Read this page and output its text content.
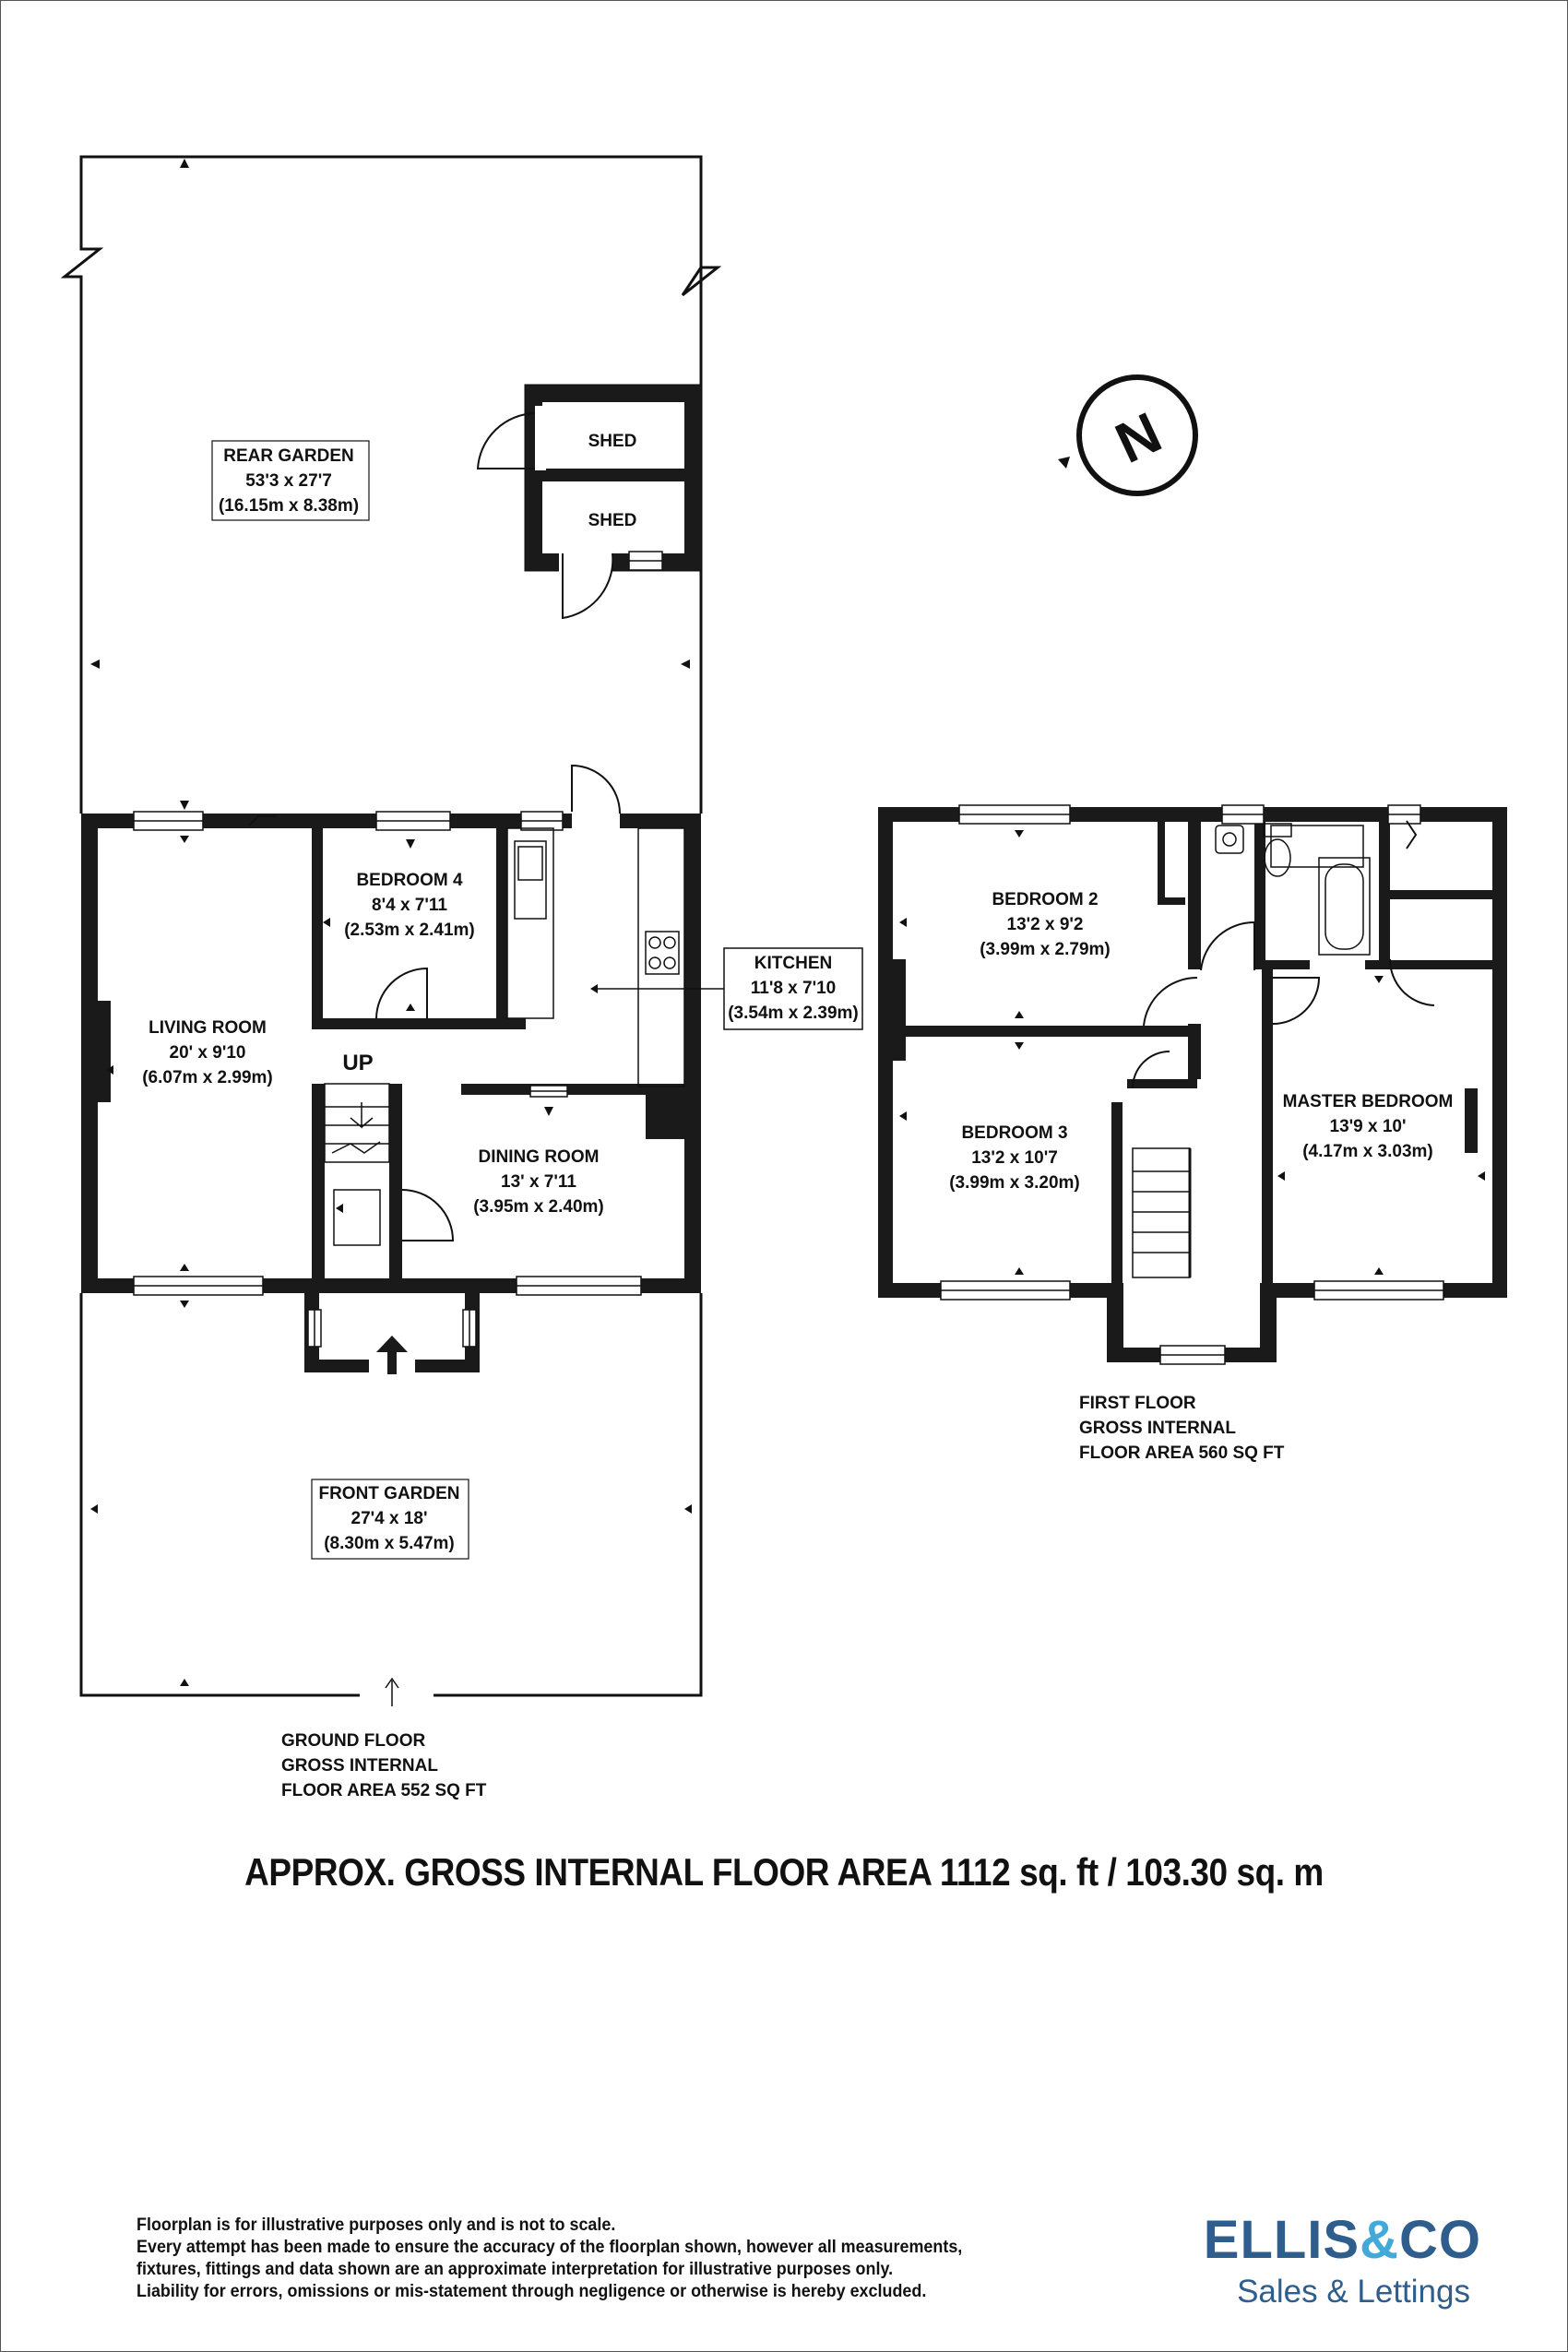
N
REAR GARDEN
53'3 x 27'7
(16.15m x 8.38m)
SHED
SHED
BEDROOM 4
8'4 x 7'11
(2.53m x 2.41m)
LIVING ROOM
20' x 9'10
(6.07m x 2.99m)
KITCHEN
11'8 x 7'10
(3.54m x 2.39m)
UP
DINING ROOM
13' x 7'11
(3.95m x 2.40m)
FRONT GARDEN
27'4 x 18'
(8.30m x 5.47m)
BEDROOM 2
13'2 x 9'2
(3.99m x 2.79m)
BEDROOM 3
13'2 x 10'7
(3.99m x 3.20m)
MASTER BEDROOM
13'9 x 10'
(4.17m x 3.03m)
GROUND FLOOR
GROSS INTERNAL
FLOOR AREA 552 SQ FT
FIRST FLOOR
GROSS INTERNAL
FLOOR AREA 560 SQ FT
APPROX. GROSS INTERNAL FLOOR AREA 1112 sq. ft / 103.30 sq. m
Floorplan is for illustrative purposes only and is not to scale.
Every attempt has been made to ensure the accuracy of the floorplan shown, however all measurements,
fixtures, fittings and data shown are an approximate interpretation for illustrative purposes only.
Liability for errors, omissions or mis-statement through negligence or otherwise is hereby excluded.
ELLIS&CO
Sales & Lettings
